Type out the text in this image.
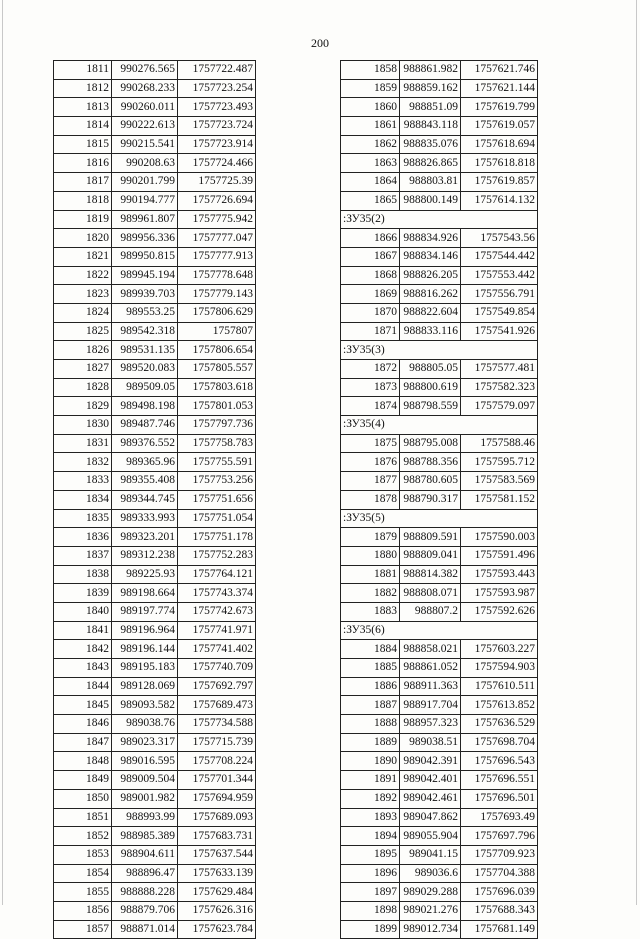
200
1811	990276.565	1757722.487
1812	990268.233	1757723.254
1813	990260.011	1757723.493
1814	990222.613	1757723.724
1815	990215.541	1757723.914
1816	990208.63	1757724.466
1817	990201.799	1757725.39
1818	990194.777	1757726.694
1819	989961.807	1757775.942
1820	989956.336	1757777.047
1821	989950.815	1757777.913
1822	989945.194	1757778.648
1823	989939.703	1757779.143
1824	989553.25	1757806.629
1825	989542.318	1757807
1826	989531.135	1757806.654
1827	989520.083	1757805.557
1828	989509.05	1757803.618
1829	989498.198	1757801.053
1830	989487.746	1757797.736
1831	989376.552	1757758.783
1832	989365.96	1757755.591
1833	989355.408	1757753.256
1834	989344.745	1757751.656
1835	989333.993	1757751.054
1836	989323.201	1757751.178
1837	989312.238	1757752.283
1838	989225.93	1757764.121
1839	989198.664	1757743.374
1840	989197.774	1757742.673
1841	989196.964	1757741.971
1842	989196.144	1757741.402
1843	989195.183	1757740.709
1844	989128.069	1757692.797
1845	989093.582	1757689.473
1846	989038.76	1757734.588
1847	989023.317	1757715.739
1848	989016.595	1757708.224
1849	989009.504	1757701.344
1850	989001.982	1757694.959
1851	988993.99	1757689.093
1852	988985.389	1757683.731
1853	988904.611	1757637.544
1854	988896.47	1757633.139
1855	988888.228	1757629.484
1856	988879.706	1757626.316
1857	988871.014	1757623.784
1858	988861.982	1757621.746
1859	988859.162	1757621.144
1860	988851.09	1757619.799
1861	988843.118	1757619.057
1862	988835.076	1757618.694
1863	988826.865	1757618.818
1864	988803.81	1757619.857
1865	988800.149	1757614.132
:ЗУ35(2)		
1866	988834.926	1757543.56
1867	988834.146	1757544.442
1868	988826.205	1757553.442
1869	988816.262	1757556.791
1870	988822.604	1757549.854
1871	988833.116	1757541.926
:ЗУ35(3)		
1872	988805.05	1757577.481
1873	988800.619	1757582.323
1874	988798.559	1757579.097
:ЗУ35(4)		
1875	988795.008	1757588.46
1876	988788.356	1757595.712
1877	988780.605	1757583.569
1878	988790.317	1757581.152
:ЗУ35(5)		
1879	988809.591	1757590.003
1880	988809.041	1757591.496
1881	988814.382	1757593.443
1882	988808.071	1757593.987
1883	988807.2	1757592.626
:ЗУ35(6)		
1884	988858.021	1757603.227
1885	988861.052	1757594.903
1886	988911.363	1757610.511
1887	988917.704	1757613.852
1888	988957.323	1757636.529
1889	989038.51	1757698.704
1890	989042.391	1757696.543
1891	989042.401	1757696.551
1892	989042.461	1757696.501
1893	989047.862	1757693.49
1894	989055.904	1757697.796
1895	989041.15	1757709.923
1896	989036.6	1757704.388
1897	989029.288	1757696.039
1898	989021.276	1757688.343
1899	989012.734	1757681.149
